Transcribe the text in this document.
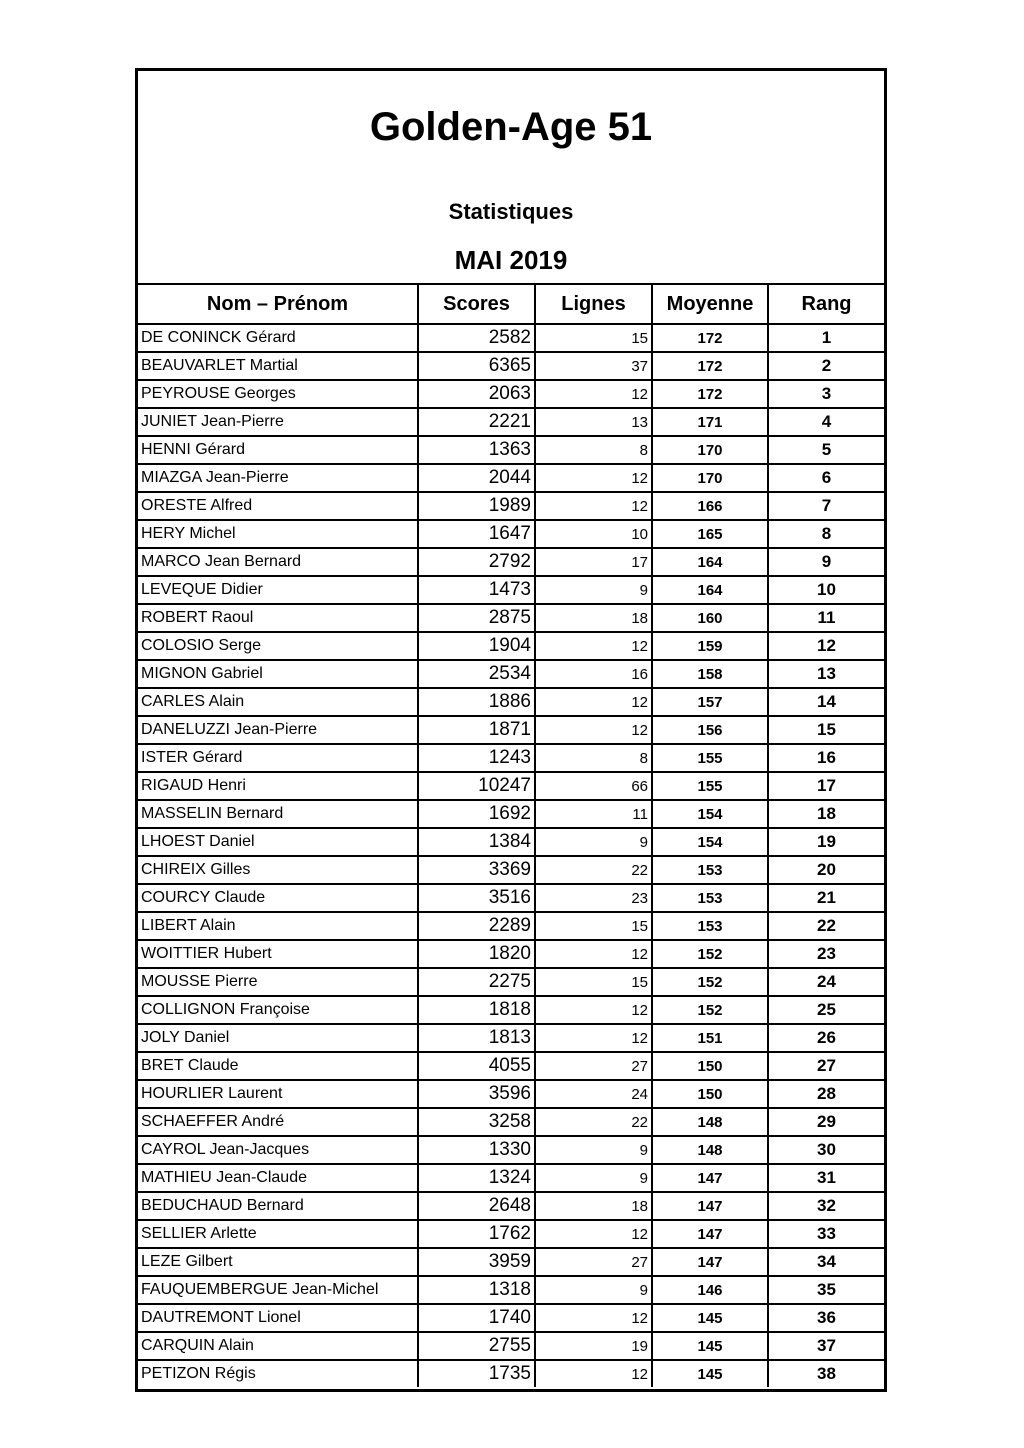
Golden-Age 51
Statistiques
MAI 2019
Nom – Prénom	Scores	Lignes	Moyenne	Rang
DE CONINCK Gérard	2582	15	172	1
BEAUVARLET Martial	6365	37	172	2
PEYROUSE Georges	2063	12	172	3
JUNIET Jean-Pierre	2221	13	171	4
HENNI Gérard	1363	8	170	5
MIAZGA Jean-Pierre	2044	12	170	6
ORESTE Alfred	1989	12	166	7
HERY Michel	1647	10	165	8
MARCO Jean Bernard	2792	17	164	9
LEVEQUE Didier	1473	9	164	10
ROBERT Raoul	2875	18	160	11
COLOSIO Serge	1904	12	159	12
MIGNON Gabriel	2534	16	158	13
CARLES Alain	1886	12	157	14
DANELUZZI Jean-Pierre	1871	12	156	15
ISTER Gérard	1243	8	155	16
RIGAUD Henri	10247	66	155	17
MASSELIN Bernard	1692	11	154	18
LHOEST Daniel	1384	9	154	19
CHIREIX Gilles	3369	22	153	20
COURCY Claude	3516	23	153	21
LIBERT Alain	2289	15	153	22
WOITTIER Hubert	1820	12	152	23
MOUSSE Pierre	2275	15	152	24
COLLIGNON Françoise	1818	12	152	25
JOLY Daniel	1813	12	151	26
BRET Claude	4055	27	150	27
HOURLIER Laurent	3596	24	150	28
SCHAEFFER André	3258	22	148	29
CAYROL Jean-Jacques	1330	9	148	30
MATHIEU Jean-Claude	1324	9	147	31
BEDUCHAUD Bernard	2648	18	147	32
SELLIER Arlette	1762	12	147	33
LEZE Gilbert	3959	27	147	34
FAUQUEMBERGUE Jean-Michel	1318	9	146	35
DAUTREMONT Lionel	1740	12	145	36
CARQUIN Alain	2755	19	145	37
PETIZON Régis	1735	12	145	38
